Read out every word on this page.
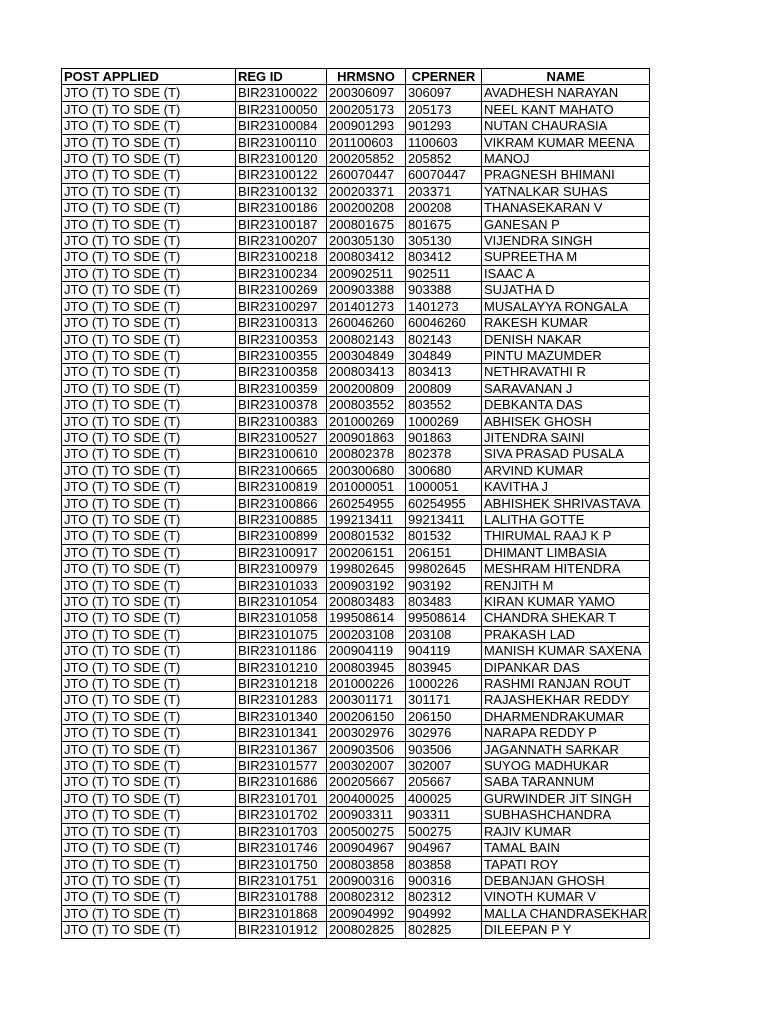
POST APPLIED	REG ID	HRMSNO	CPERNER	NAME
JTO (T) TO SDE (T)	BIR23100022	200306097	306097	AVADHESH NARAYAN
JTO (T) TO SDE (T)	BIR23100050	200205173	205173	NEEL KANT MAHATO
JTO (T) TO SDE (T)	BIR23100084	200901293	901293	NUTAN CHAURASIA
JTO (T) TO SDE (T)	BIR23100110	201100603	1100603	VIKRAM KUMAR MEENA
JTO (T) TO SDE (T)	BIR23100120	200205852	205852	MANOJ
JTO (T) TO SDE (T)	BIR23100122	260070447	60070447	PRAGNESH BHIMANI
JTO (T) TO SDE (T)	BIR23100132	200203371	203371	YATNALKAR SUHAS
JTO (T) TO SDE (T)	BIR23100186	200200208	200208	THANASEKARAN V
JTO (T) TO SDE (T)	BIR23100187	200801675	801675	GANESAN P
JTO (T) TO SDE (T)	BIR23100207	200305130	305130	VIJENDRA SINGH
JTO (T) TO SDE (T)	BIR23100218	200803412	803412	SUPREETHA M
JTO (T) TO SDE (T)	BIR23100234	200902511	902511	ISAAC A
JTO (T) TO SDE (T)	BIR23100269	200903388	903388	SUJATHA D
JTO (T) TO SDE (T)	BIR23100297	201401273	1401273	MUSALAYYA RONGALA
JTO (T) TO SDE (T)	BIR23100313	260046260	60046260	RAKESH KUMAR
JTO (T) TO SDE (T)	BIR23100353	200802143	802143	DENISH NAKAR
JTO (T) TO SDE (T)	BIR23100355	200304849	304849	PINTU MAZUMDER
JTO (T) TO SDE (T)	BIR23100358	200803413	803413	NETHRAVATHI R
JTO (T) TO SDE (T)	BIR23100359	200200809	200809	SARAVANAN J
JTO (T) TO SDE (T)	BIR23100378	200803552	803552	DEBKANTA DAS
JTO (T) TO SDE (T)	BIR23100383	201000269	1000269	ABHISEK GHOSH
JTO (T) TO SDE (T)	BIR23100527	200901863	901863	JITENDRA SAINI
JTO (T) TO SDE (T)	BIR23100610	200802378	802378	SIVA PRASAD PUSALA
JTO (T) TO SDE (T)	BIR23100665	200300680	300680	ARVIND KUMAR
JTO (T) TO SDE (T)	BIR23100819	201000051	1000051	KAVITHA J
JTO (T) TO SDE (T)	BIR23100866	260254955	60254955	ABHISHEK SHRIVASTAVA
JTO (T) TO SDE (T)	BIR23100885	199213411	99213411	LALITHA GOTTE
JTO (T) TO SDE (T)	BIR23100899	200801532	801532	THIRUMAL RAAJ K P
JTO (T) TO SDE (T)	BIR23100917	200206151	206151	DHIMANT LIMBASIA
JTO (T) TO SDE (T)	BIR23100979	199802645	99802645	MESHRAM HITENDRA
JTO (T) TO SDE (T)	BIR23101033	200903192	903192	RENJITH M
JTO (T) TO SDE (T)	BIR23101054	200803483	803483	KIRAN KUMAR YAMO
JTO (T) TO SDE (T)	BIR23101058	199508614	99508614	CHANDRA SHEKAR T
JTO (T) TO SDE (T)	BIR23101075	200203108	203108	PRAKASH LAD
JTO (T) TO SDE (T)	BIR23101186	200904119	904119	MANISH KUMAR SAXENA
JTO (T) TO SDE (T)	BIR23101210	200803945	803945	DIPANKAR DAS
JTO (T) TO SDE (T)	BIR23101218	201000226	1000226	RASHMI RANJAN ROUT
JTO (T) TO SDE (T)	BIR23101283	200301171	301171	RAJASHEKHAR REDDY
JTO (T) TO SDE (T)	BIR23101340	200206150	206150	DHARMENDRAKUMAR
JTO (T) TO SDE (T)	BIR23101341	200302976	302976	NARAPA REDDY P
JTO (T) TO SDE (T)	BIR23101367	200903506	903506	JAGANNATH SARKAR
JTO (T) TO SDE (T)	BIR23101577	200302007	302007	SUYOG MADHUKAR
JTO (T) TO SDE (T)	BIR23101686	200205667	205667	SABA TARANNUM
JTO (T) TO SDE (T)	BIR23101701	200400025	400025	GURWINDER JIT SINGH
JTO (T) TO SDE (T)	BIR23101702	200903311	903311	SUBHASHCHANDRA
JTO (T) TO SDE (T)	BIR23101703	200500275	500275	RAJIV KUMAR
JTO (T) TO SDE (T)	BIR23101746	200904967	904967	TAMAL BAIN
JTO (T) TO SDE (T)	BIR23101750	200803858	803858	TAPATI ROY
JTO (T) TO SDE (T)	BIR23101751	200900316	900316	DEBANJAN GHOSH
JTO (T) TO SDE (T)	BIR23101788	200802312	802312	VINOTH KUMAR V
JTO (T) TO SDE (T)	BIR23101868	200904992	904992	MALLA CHANDRASEKHAR
JTO (T) TO SDE (T)	BIR23101912	200802825	802825	DILEEPAN P Y
